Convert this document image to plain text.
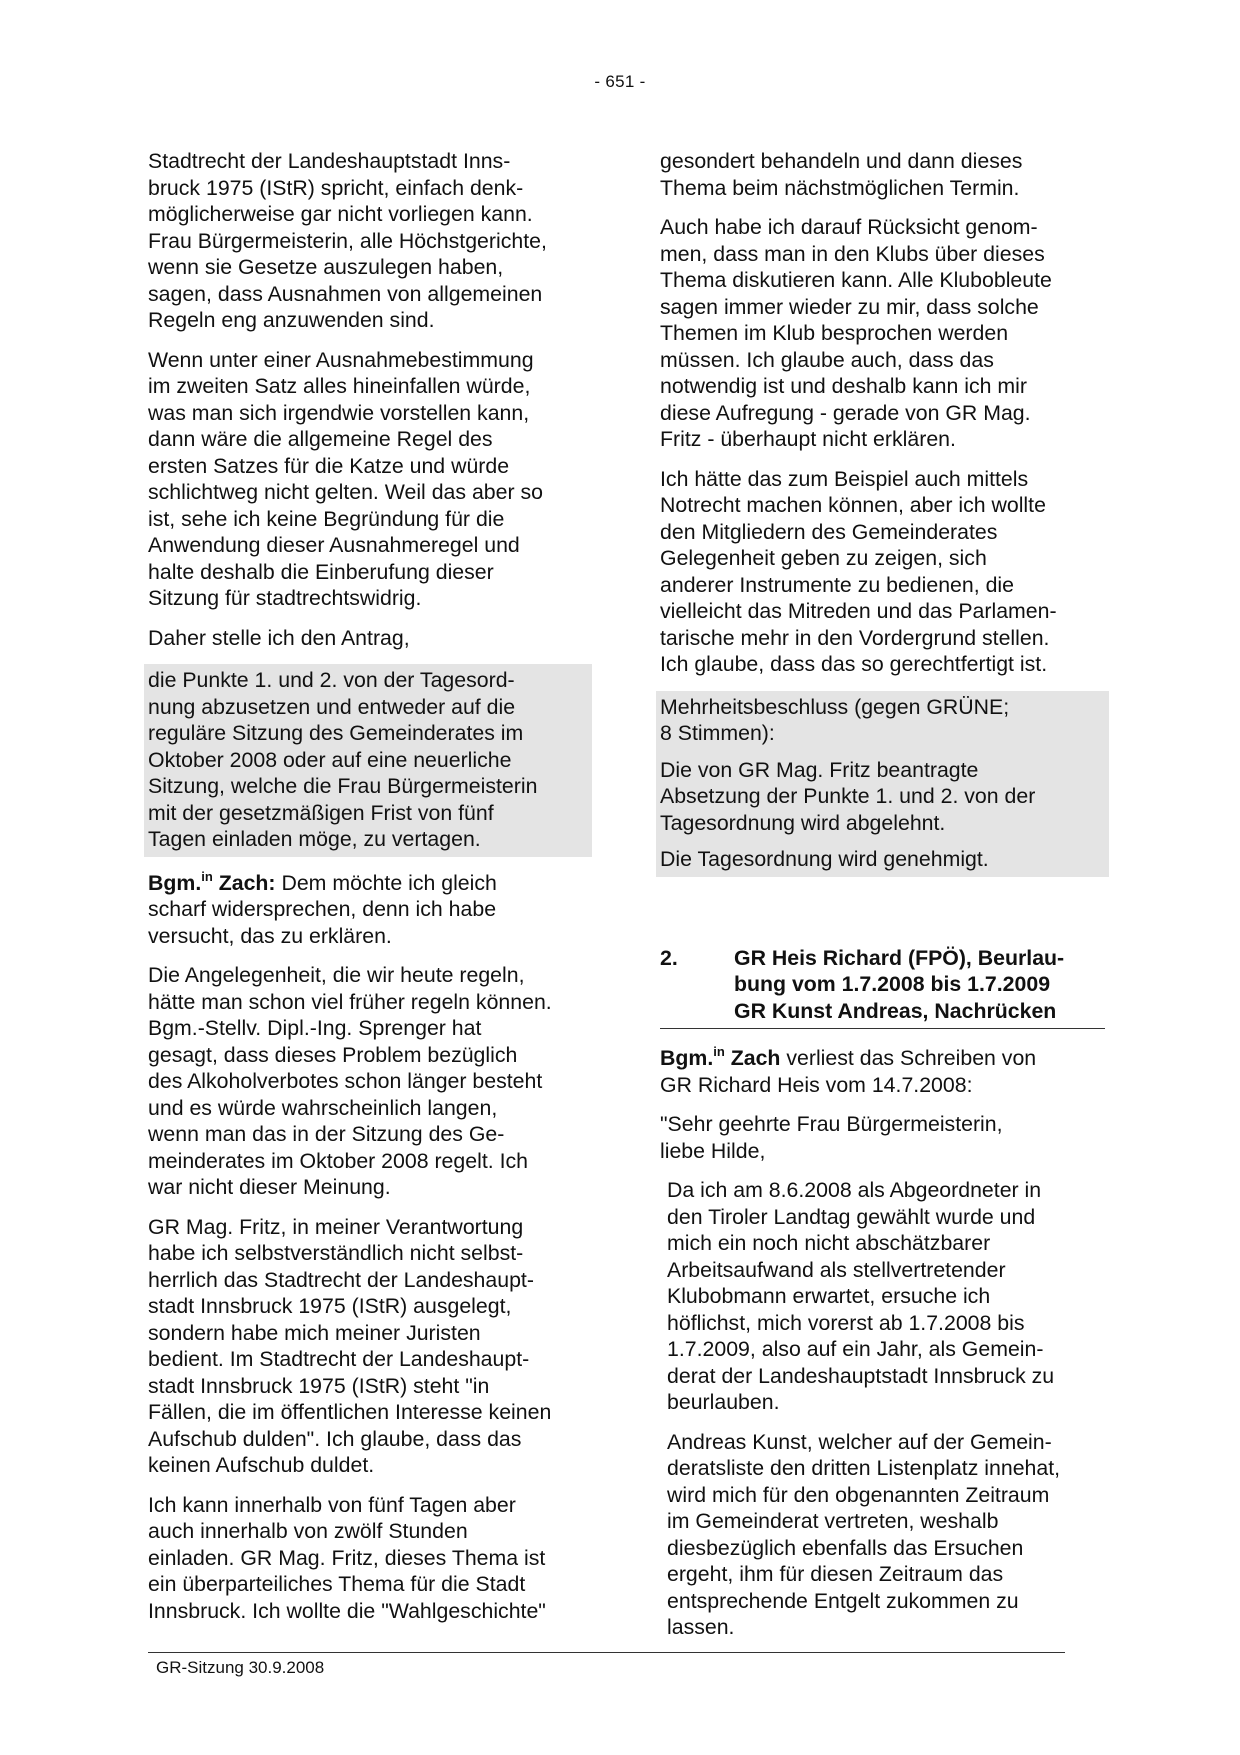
- 651 -

Stadtrecht der Landeshauptstadt Inns-
bruck 1975 (IStR) spricht, einfach denk-
möglicherweise gar nicht vorliegen kann.
Frau Bürgermeisterin, alle Höchstgerichte,
wenn sie Gesetze auszulegen haben,
sagen, dass Ausnahmen von allgemeinen
Regeln eng anzuwenden sind.

Wenn unter einer Ausnahmebestimmung
im zweiten Satz alles hineinfallen würde,
was man sich irgendwie vorstellen kann,
dann wäre die allgemeine Regel des
ersten Satzes für die Katze und würde
schlichtweg nicht gelten. Weil das aber so
ist, sehe ich keine Begründung für die
Anwendung dieser Ausnahmeregel und
halte deshalb die Einberufung dieser
Sitzung für stadtrechtswidrig.

Daher stelle ich den Antrag,

die Punkte 1. und 2. von der Tagesord-
nung abzusetzen und entweder auf die
reguläre Sitzung des Gemeinderates im
Oktober 2008 oder auf eine neuerliche
Sitzung, welche die Frau Bürgermeisterin
mit der gesetzmäßigen Frist von fünf
Tagen einladen möge, zu vertagen.

Bgm.$^{in}$ Zach: Dem möchte ich gleich
scharf widersprechen, denn ich habe
versucht, das zu erklären.

Die Angelegenheit, die wir heute regeln,
hätte man schon viel früher regeln können.
Bgm.-Stellv. Dipl.-Ing. Sprenger hat
gesagt, dass dieses Problem bezüglich
des Alkoholverbotes schon länger besteht
und es würde wahrscheinlich langen,
wenn man das in der Sitzung des Ge-
meinderates im Oktober 2008 regelt. Ich
war nicht dieser Meinung.

GR Mag. Fritz, in meiner Verantwortung
habe ich selbstverständlich nicht selbst-
herrlich das Stadtrecht der Landeshaupt-
stadt Innsbruck 1975 (IStR) ausgelegt,
sondern habe mich meiner Juristen
bedient. Im Stadtrecht der Landeshaupt-
stadt Innsbruck 1975 (IStR) steht "in
Fällen, die im öffentlichen Interesse keinen
Aufschub dulden". Ich glaube, dass das
keinen Aufschub duldet.

Ich kann innerhalb von fünf Tagen aber
auch innerhalb von zwölf Stunden
einladen. GR Mag. Fritz, dieses Thema ist
ein überparteiliches Thema für die Stadt
Innsbruck. Ich wollte die "Wahlgeschichte"

gesondert behandeln und dann dieses
Thema beim nächstmöglichen Termin.

Auch habe ich darauf Rücksicht genom-
men, dass man in den Klubs über dieses
Thema diskutieren kann. Alle Klubobleute
sagen immer wieder zu mir, dass solche
Themen im Klub besprochen werden
müssen. Ich glaube auch, dass das
notwendig ist und deshalb kann ich mir
diese Aufregung - gerade von GR Mag.
Fritz - überhaupt nicht erklären.

Ich hätte das zum Beispiel auch mittels
Notrecht machen können, aber ich wollte
den Mitgliedern des Gemeinderates
Gelegenheit geben zu zeigen, sich
anderer Instrumente zu bedienen, die
vielleicht das Mitreden und das Parlamen-
tarische mehr in den Vordergrund stellen.
Ich glaube, dass das so gerechtfertigt ist.

Mehrheitsbeschluss (gegen GRÜNE;
8 Stimmen):

Die von GR Mag. Fritz beantragte
Absetzung der Punkte 1. und 2. von der
Tagesordnung wird abgelehnt.

Die Tagesordnung wird genehmigt.

2.	GR Heis Richard (FPÖ), Beurlau-
bung vom 1.7.2008 bis 1.7.2009
GR Kunst Andreas, Nachrücken

Bgm.$^{in}$ Zach verliest das Schreiben von
GR Richard Heis vom 14.7.2008:

"Sehr geehrte Frau Bürgermeisterin,
liebe Hilde,

Da ich am 8.6.2008 als Abgeordneter in
den Tiroler Landtag gewählt wurde und
mich ein noch nicht abschätzbarer
Arbeitsaufwand als stellvertretender
Klubobmann erwartet, ersuche ich
höflichst, mich vorerst ab 1.7.2008 bis
1.7.2009, also auf ein Jahr, als Gemein-
derat der Landeshauptstadt Innsbruck zu
beurlauben.

Andreas Kunst, welcher auf der Gemein-
deratsliste den dritten Listenplatz innehat,
wird mich für den obgenannten Zeitraum
im Gemeinderat vertreten, weshalb
diesbezüglich ebenfalls das Ersuchen
ergeht, ihm für diesen Zeitraum das
entsprechende Entgelt zukommen zu
lassen.

GR-Sitzung 30.9.2008
